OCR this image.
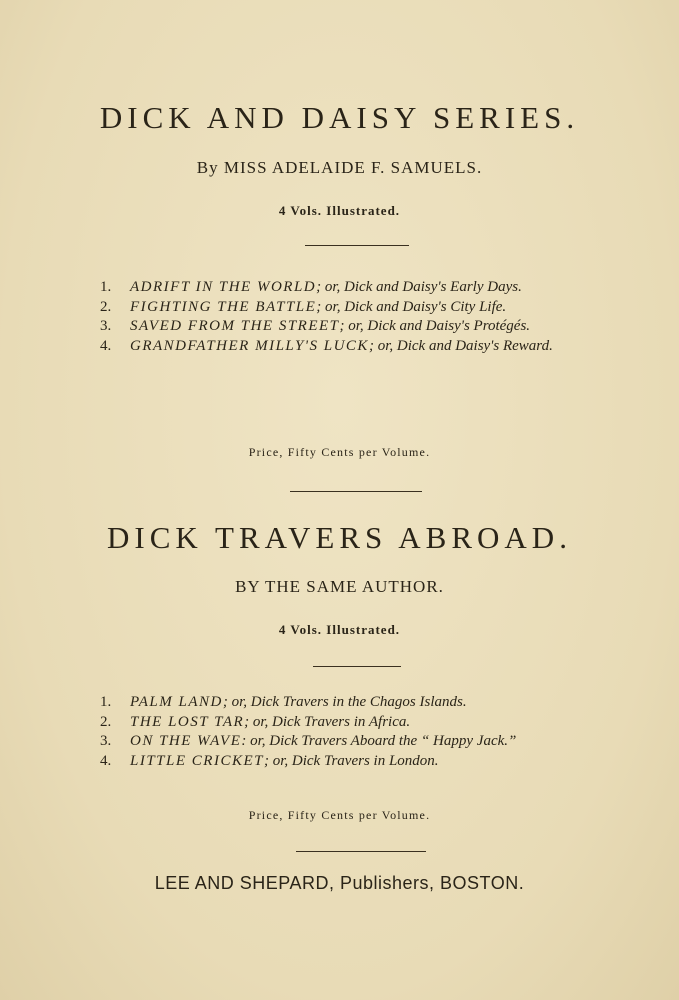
DICK AND DAISY SERIES.
By MISS ADELAIDE F. SAMUELS.
4 Vols. Illustrated.
1. ADRIFT IN THE WORLD; or, Dick and Daisy's Early Days.
2. FIGHTING THE BATTLE; or, Dick and Daisy's City Life.
3. SAVED FROM THE STREET; or, Dick and Daisy's Protégés.
4. GRANDFATHER MILLY'S LUCK; or, Dick and Daisy's Reward.
Price, Fifty Cents per Volume.
DICK TRAVERS ABROAD.
BY THE SAME AUTHOR.
4 Vols. Illustrated.
1. PALM LAND; or, Dick Travers in the Chagos Islands.
2. THE LOST TAR; or, Dick Travers in Africa.
3. ON THE WAVE: or, Dick Travers Aboard the “ Happy Jack.”
4. LITTLE CRICKET; or, Dick Travers in London.
Price, Fifty Cents per Volume.
LEE AND SHEPARD, Publishers, BOSTON.
